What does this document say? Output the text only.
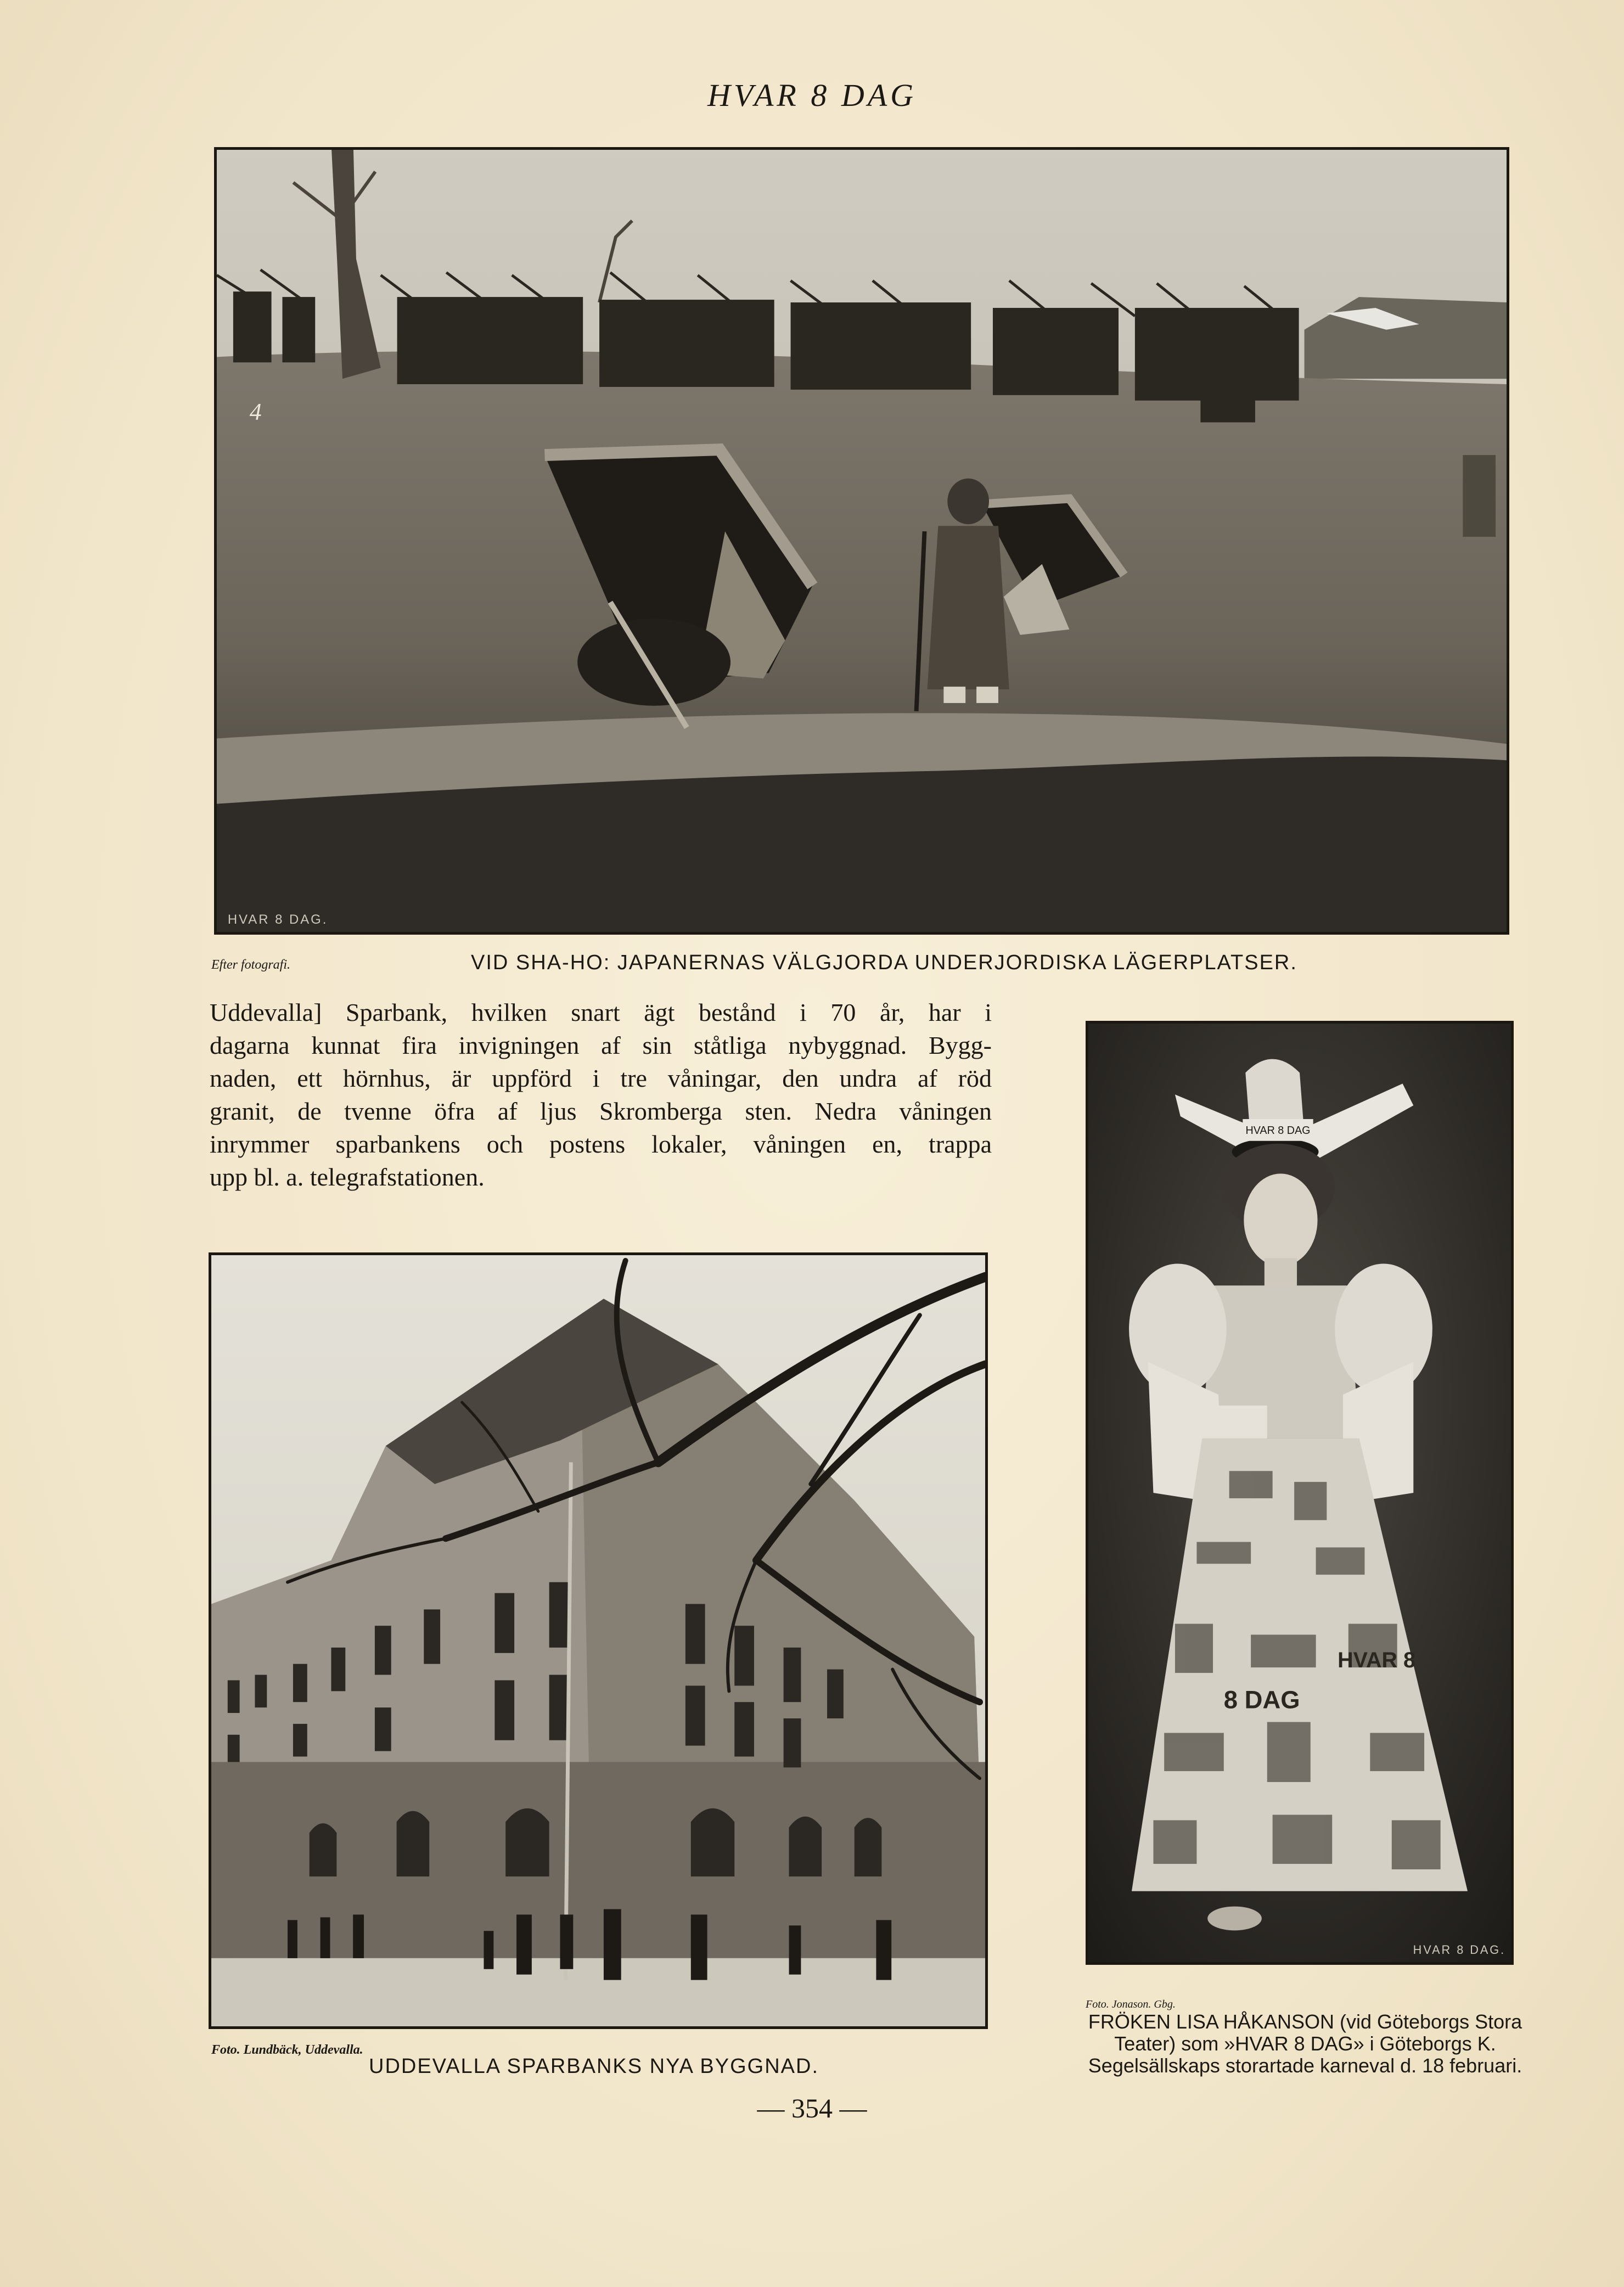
HVAR 8 DAG
4
HVAR 8 DAG.
Efter fotografi.	VID SHA-HO: JAPANERNAS VÄLGJORDA UNDERJORDISKA LÄGERPLATSER.
Uddevalla] Sparbank, hvilken snart ägt bestånd i 70 år, har i
dagarna kunnat fira invigningen af sin ståtliga nybyggnad. Bygg-
naden, ett hörnhus, är uppförd i tre våningar, den undra af röd
granit, de tvenne öfra af ljus Skromberga sten. Nedra våningen
inrymmer sparbankens och postens lokaler, våningen en, trappa
upp bl. a. telegrafstationen.
Foto. Lundbäck, Uddevalla.
UDDEVALLA SPARBANKS NYA BYGGNAD.
HVAR 8 DAG
8 DAG
HVAR 8
HVAR 8 DAG.
Foto. Jonason. Gbg.
FRÖKEN LISA HÅKANSON (vid Göteborgs Stora Teater) som »HVAR 8 DAG» i Göteborgs K. Segelsällskaps storartade karneval d. 18 februari.
— 354 —
